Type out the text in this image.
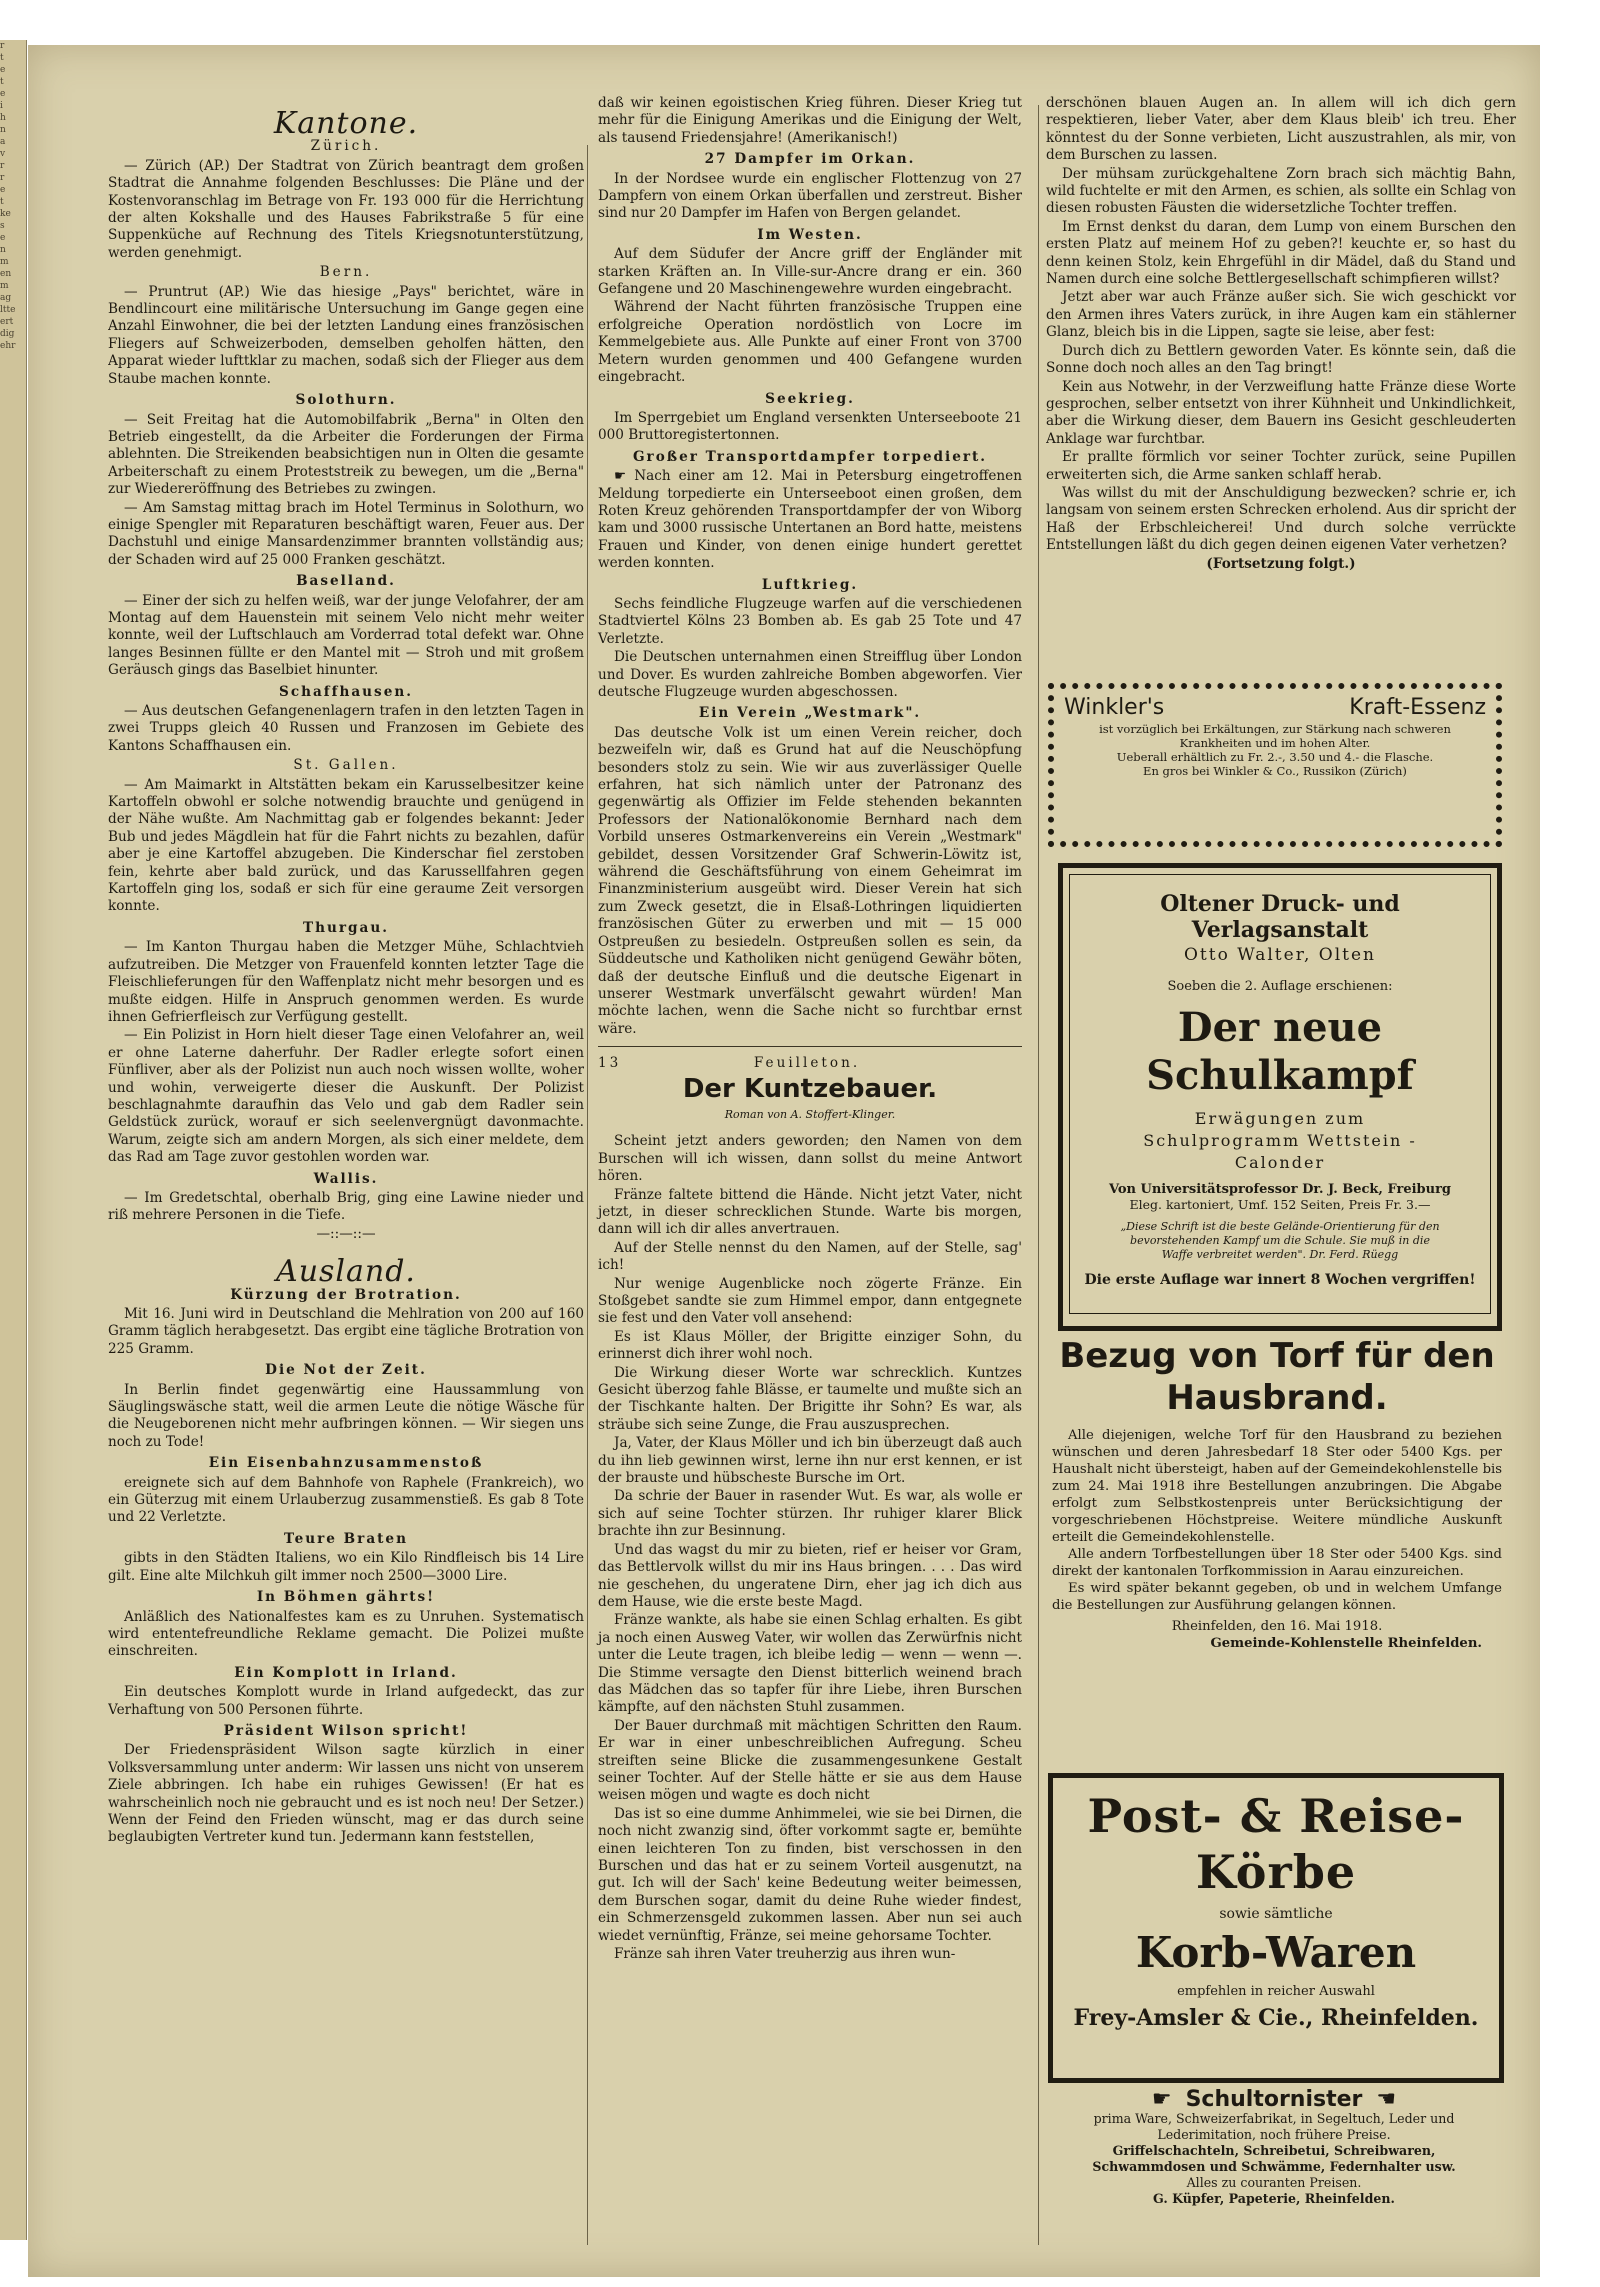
r
t
e
t
e
i
h
n
a
v
r
r
e
t
ke
s
e
n
m
en
m
ag
ltte
ert
dig
ehr
Kantone.
Zürich.

— Zürich (AP.) Der Stadtrat von Zürich beantragt dem großen Stadtrat die Annahme folgenden Beschlusses: Die Pläne und der Kostenvoranschlag im Betrage von Fr. 193 000 für die Herrichtung der alten Kokshalle und des Hauses Fabrikstraße 5 für eine Suppenküche auf Rechnung des Titels Kriegsnotunterstützung, werden genehmigt.

Bern.

— Pruntrut (AP.) Wie das hiesige „Pays" berichtet, wäre in Bendlincourt eine militärische Untersuchung im Gange gegen eine Anzahl Einwohner, die bei der letzten Landung eines französischen Fliegers auf Schweizerboden, demselben geholfen hätten, den Apparat wieder lufttklar zu machen, sodaß sich der Flieger aus dem Staube machen konnte.

Solothurn.

— Seit Freitag hat die Automobilfabrik „Berna" in Olten den Betrieb eingestellt, da die Arbeiter die Forderungen der Firma ablehnten. Die Streikenden beabsichtigen nun in Olten die gesamte Arbeiterschaft zu einem Proteststreik zu bewegen, um die „Berna" zur Wiedereröffnung des Betriebes zu zwingen.

— Am Samstag mittag brach im Hotel Terminus in Solothurn, wo einige Spengler mit Reparaturen beschäftigt waren, Feuer aus. Der Dachstuhl und einige Mansardenzimmer brannten vollständig aus; der Schaden wird auf 25 000 Franken geschätzt.

Baselland.

— Einer der sich zu helfen weiß, war der junge Velofahrer, der am Montag auf dem Hauenstein mit seinem Velo nicht mehr weiter konnte, weil der Luftschlauch am Vorderrad total defekt war. Ohne langes Besinnen füllte er den Mantel mit — Stroh und mit großem Geräusch gings das Baselbiet hinunter.

Schaffhausen.

— Aus deutschen Gefangenenlagern trafen in den letzten Tagen in zwei Trupps gleich 40 Russen und Franzosen im Gebiete des Kantons Schaffhausen ein.

St. Gallen.

— Am Maimarkt in Altstätten bekam ein Karusselbesitzer keine Kartoffeln obwohl er solche notwendig brauchte und genügend in der Nähe wußte. Am Nachmittag gab er folgendes bekannt: Jeder Bub und jedes Mägdlein hat für die Fahrt nichts zu bezahlen, dafür aber je eine Kartoffel abzugeben. Die Kinderschar fiel zerstoben fein, kehrte aber bald zurück, und das Karussellfahren gegen Kartoffeln ging los, sodaß er sich für eine geraume Zeit versorgen konnte.

Thurgau.

— Im Kanton Thurgau haben die Metzger Mühe, Schlachtvieh aufzutreiben. Die Metzger von Frauenfeld konnten letzter Tage die Fleischlieferungen für den Waffenplatz nicht mehr besorgen und es mußte eidgen. Hilfe in Anspruch genommen werden. Es wurde ihnen Gefrierfleisch zur Verfügung gestellt.

— Ein Polizist in Horn hielt dieser Tage einen Velofahrer an, weil er ohne Laterne daherfuhr. Der Radler erlegte sofort einen Fünfliver, aber als der Polizist nun auch noch wissen wollte, woher und wohin, verweigerte dieser die Auskunft. Der Polizist beschlagnahmte daraufhin das Velo und gab dem Radler sein Geldstück zurück, worauf er sich seelenvergnügt davonmachte. Warum, zeigte sich am andern Morgen, als sich einer meldete, dem das Rad am Tage zuvor gestohlen worden war.

Wallis.

— Im Gredetschtal, oberhalb Brig, ging eine Lawine nieder und riß mehrere Personen in die Tiefe.

—::—::—
Ausland.
Kürzung der Brotration.

Mit 16. Juni wird in Deutschland die Mehlration von 200 auf 160 Gramm täglich herabgesetzt. Das ergibt eine tägliche Brotration von 225 Gramm.

Die Not der Zeit.

In Berlin findet gegenwärtig eine Haussammlung von Säuglingswäsche statt, weil die armen Leute die nötige Wäsche für die Neugeborenen nicht mehr aufbringen können. — Wir siegen uns noch zu Tode!

Ein Eisenbahnzusammenstoß

ereignete sich auf dem Bahnhofe von Raphele (Frankreich), wo ein Güterzug mit einem Urlauberzug zusammenstieß. Es gab 8 Tote und 22 Verletzte.

Teure Braten

gibts in den Städten Italiens, wo ein Kilo Rindfleisch bis 14 Lire gilt. Eine alte Milchkuh gilt immer noch 2500—3000 Lire.

In Böhmen gährts!

Anläßlich des Nationalfestes kam es zu Unruhen. Systematisch wird ententefreundliche Reklame gemacht. Die Polizei mußte einschreiten.

Ein Komplott in Irland.

Ein deutsches Komplott wurde in Irland aufgedeckt, das zur Verhaftung von 500 Personen führte.

Präsident Wilson spricht!

Der Friedenspräsident Wilson sagte kürzlich in einer Volksversammlung unter anderm: Wir lassen uns nicht von unserem Ziele abbringen. Ich habe ein ruhiges Gewissen! (Er hat es wahrscheinlich noch nie gebraucht und es ist noch neu! Der Setzer.) Wenn der Feind den Frieden wünscht, mag er das durch seine beglaubigten Vertreter kund tun. Jedermann kann feststellen,

daß wir keinen egoistischen Krieg führen. Dieser Krieg tut mehr für die Einigung Amerikas und die Einigung der Welt, als tausend Friedensjahre! (Amerikanisch!)

27 Dampfer im Orkan.

In der Nordsee wurde ein englischer Flottenzug von 27 Dampfern von einem Orkan überfallen und zerstreut. Bisher sind nur 20 Dampfer im Hafen von Bergen gelandet.

Im Westen.

Auf dem Südufer der Ancre griff der Engländer mit starken Kräften an. In Ville-sur-Ancre drang er ein. 360 Gefangene und 20 Maschinengewehre wurden eingebracht.

Während der Nacht führten französische Truppen eine erfolgreiche Operation nordöstlich von Locre im Kemmelgebiete aus. Alle Punkte auf einer Front von 3700 Metern wurden genommen und 400 Gefangene wurden eingebracht.

Seekrieg.

Im Sperrgebiet um England versenkten Unterseeboote 21 000 Bruttoregistertonnen.

Großer Transportdampfer torpediert.

☛ Nach einer am 12. Mai in Petersburg eingetroffenen Meldung torpedierte ein Unterseeboot einen großen, dem Roten Kreuz gehörenden Transportdampfer der von Wiborg kam und 3000 russische Untertanen an Bord hatte, meistens Frauen und Kinder, von denen einige hundert gerettet werden konnten.

Luftkrieg.

Sechs feindliche Flugzeuge warfen auf die verschiedenen Stadtviertel Kölns 23 Bomben ab. Es gab 25 Tote und 47 Verletzte.

Die Deutschen unternahmen einen Streifflug über London und Dover. Es wurden zahlreiche Bomben abgeworfen. Vier deutsche Flugzeuge wurden abgeschossen.

Ein Verein „Westmark".

Das deutsche Volk ist um einen Verein reicher, doch bezweifeln wir, daß es Grund hat auf die Neuschöpfung besonders stolz zu sein. Wie wir aus zuverlässiger Quelle erfahren, hat sich nämlich unter der Patronanz des gegenwärtig als Offizier im Felde stehenden bekannten Professors der Nationalökonomie Bernhard nach dem Vorbild unseres Ostmarkenvereins ein Verein „Westmark" gebildet, dessen Vorsitzender Graf Schwerin-Löwitz ist, während die Geschäftsführung von einem Geheimrat im Finanzministerium ausgeübt wird. Dieser Verein hat sich zum Zweck gesetzt, die in Elsaß-Lothringen liquidierten französischen Güter zu erwerben und mit — 15 000 Ostpreußen zu besiedeln. Ostpreußen sollen es sein, da Süddeutsche und Katholiken nicht genügend Gewähr böten, daß der deutsche Einfluß und die deutsche Eigenart in unserer Westmark unverfälscht gewahrt würden! Man möchte lachen, wenn die Sache nicht so furchtbar ernst wäre.

13	Feuilleton.

Der Kuntzebauer.
Roman von A. Stoffert-Klinger.

Scheint jetzt anders geworden; den Namen von dem Burschen will ich wissen, dann sollst du meine Antwort hören.

Fränze faltete bittend die Hände. Nicht jetzt Vater, nicht jetzt, in dieser schrecklichen Stunde. Warte bis morgen, dann will ich dir alles anvertrauen.

Auf der Stelle nennst du den Namen, auf der Stelle, sag' ich!

Nur wenige Augenblicke noch zögerte Fränze. Ein Stoßgebet sandte sie zum Himmel empor, dann entgegnete sie fest und den Vater voll ansehend:

Es ist Klaus Möller, der Brigitte einziger Sohn, du erinnerst dich ihrer wohl noch.

Die Wirkung dieser Worte war schrecklich. Kuntzes Gesicht überzog fahle Blässe, er taumelte und mußte sich an der Tischkante halten. Der Brigitte ihr Sohn? Es war, als sträube sich seine Zunge, die Frau auszusprechen.

Ja, Vater, der Klaus Möller und ich bin überzeugt daß auch du ihn lieb gewinnen wirst, lerne ihn nur erst kennen, er ist der brauste und hübscheste Bursche im Ort.

Da schrie der Bauer in rasender Wut. Es war, als wolle er sich auf seine Tochter stürzen. Ihr ruhiger klarer Blick brachte ihn zur Besinnung.

Und das wagst du mir zu bieten, rief er heiser vor Gram, das Bettlervolk willst du mir ins Haus bringen. . . . Das wird nie geschehen, du ungeratene Dirn, eher jag ich dich aus dem Hause, wie die erste beste Magd.

Fränze wankte, als habe sie einen Schlag erhalten. Es gibt ja noch einen Ausweg Vater, wir wollen das Zerwürfnis nicht unter die Leute tragen, ich bleibe ledig — wenn — wenn —. Die Stimme versagte den Dienst bitterlich weinend brach das Mädchen das so tapfer für ihre Liebe, ihren Burschen kämpfte, auf den nächsten Stuhl zusammen.

Der Bauer durchmaß mit mächtigen Schritten den Raum. Er war in einer unbeschreiblichen Aufregung. Scheu streiften seine Blicke die zusammengesunkene Gestalt seiner Tochter. Auf der Stelle hätte er sie aus dem Hause weisen mögen und wagte es doch nicht

Das ist so eine dumme Anhimmelei, wie sie bei Dirnen, die noch nicht zwanzig sind, öfter vorkommt sagte er, bemühte einen leichteren Ton zu finden, bist verschossen in den Burschen und das hat er zu seinem Vorteil ausgenutzt, na gut. Ich will der Sach' keine Bedeutung weiter beimessen, dem Burschen sogar, damit du deine Ruhe wieder findest, ein Schmerzensgeld zukommen lassen. Aber nun sei auch wiedet vernünftig, Fränze, sei meine gehorsame Tochter.

Fränze sah ihren Vater treuherzig aus ihren wun-

derschönen blauen Augen an. In allem will ich dich gern respektieren, lieber Vater, aber dem Klaus bleib' ich treu. Eher könntest du der Sonne verbieten, Licht auszustrahlen, als mir, von dem Burschen zu lassen.

Der mühsam zurückgehaltene Zorn brach sich mächtig Bahn, wild fuchtelte er mit den Armen, es schien, als sollte ein Schlag von diesen robusten Fäusten die widersetzliche Tochter treffen.

Im Ernst denkst du daran, dem Lump von einem Burschen den ersten Platz auf meinem Hof zu geben?! keuchte er, so hast du denn keinen Stolz, kein Ehrgefühl in dir Mädel, daß du Stand und Namen durch eine solche Bettlergesellschaft schimpfieren willst?

Jetzt aber war auch Fränze außer sich. Sie wich geschickt vor den Armen ihres Vaters zurück, in ihre Augen kam ein stählerner Glanz, bleich bis in die Lippen, sagte sie leise, aber fest:

Durch dich zu Bettlern geworden Vater. Es könnte sein, daß die Sonne doch noch alles an den Tag bringt!

Kein aus Notwehr, in der Verzweiflung hatte Fränze diese Worte gesprochen, selber entsetzt von ihrer Kühnheit und Unkindlichkeit, aber die Wirkung dieser, dem Bauern ins Gesicht geschleuderten Anklage war furchtbar.

Er prallte förmlich vor seiner Tochter zurück, seine Pupillen erweiterten sich, die Arme sanken schlaff herab.

Was willst du mit der Anschuldigung bezwecken? schrie er, ich langsam von seinem ersten Schrecken erholend. Aus dir spricht der Haß der Erbschleicherei! Und durch solche verrückte Entstellungen läßt du dich gegen deinen eigenen Vater verhetzen?

(Fortsetzung folgt.)
Winkler's	Kraft-Essenz
ist vorzüglich bei Erkältungen, zur Stärkung nach schweren Krankheiten und im hohen Alter.
Ueberall erhältlich zu Fr. 2.-, 3.50 und 4.- die Flasche.
En gros bei Winkler & Co., Russikon (Zürich)
Oltener Druck- und Verlagsanstalt
Otto Walter, Olten
Soeben die 2. Auflage erschienen:
Der neue Schulkampf
Erwägungen zum Schulprogramm Wettstein - Calonder
Von Universitätsprofessor Dr. J. Beck, Freiburg
Eleg. kartoniert, Umf. 152 Seiten, Preis Fr. 3.—
„Diese Schrift ist die beste Gelände-Orientierung für den bevorstehenden Kampf um die Schule. Sie muß in die Waffe verbreitet werden". Dr. Ferd. Rüegg
Die erste Auflage war innert 8 Wochen vergriffen!
Bezug von Torf für den Hausbrand.

Alle diejenigen, welche Torf für den Hausbrand zu beziehen wünschen und deren Jahresbedarf 18 Ster oder 5400 Kgs. per Haushalt nicht übersteigt, haben auf der Gemeindekohlenstelle bis zum 24. Mai 1918 ihre Bestellungen anzubringen. Die Abgabe erfolgt zum Selbstkostenpreis unter Berücksichtigung der vorgeschriebenen Höchstpreise. Weitere mündliche Auskunft erteilt die Gemeindekohlenstelle.

Alle andern Torfbestellungen über 18 Ster oder 5400 Kgs. sind direkt der kantonalen Torfkommission in Aarau einzureichen.

Es wird später bekannt gegeben, ob und in welchem Umfange die Bestellungen zur Ausführung gelangen können.

Rheinfelden, den 16. Mai 1918.
Gemeinde-Kohlenstelle Rheinfelden.
Post- & Reise-Körbe
sowie sämtliche
Korb-Waren
empfehlen in reicher Auswahl
Frey-Amsler & Cie., Rheinfelden.
☛ Schultornister ☚
prima Ware, Schweizerfabrikat, in Segeltuch, Leder und Lederimitation, noch frühere Preise.
Griffelschachteln, Schreibetui, Schreibwaren, Schwammdosen und Schwämme, Federnhalter usw.
Alles zu couranten Preisen.
G. Küpfer, Papeterie, Rheinfelden.
